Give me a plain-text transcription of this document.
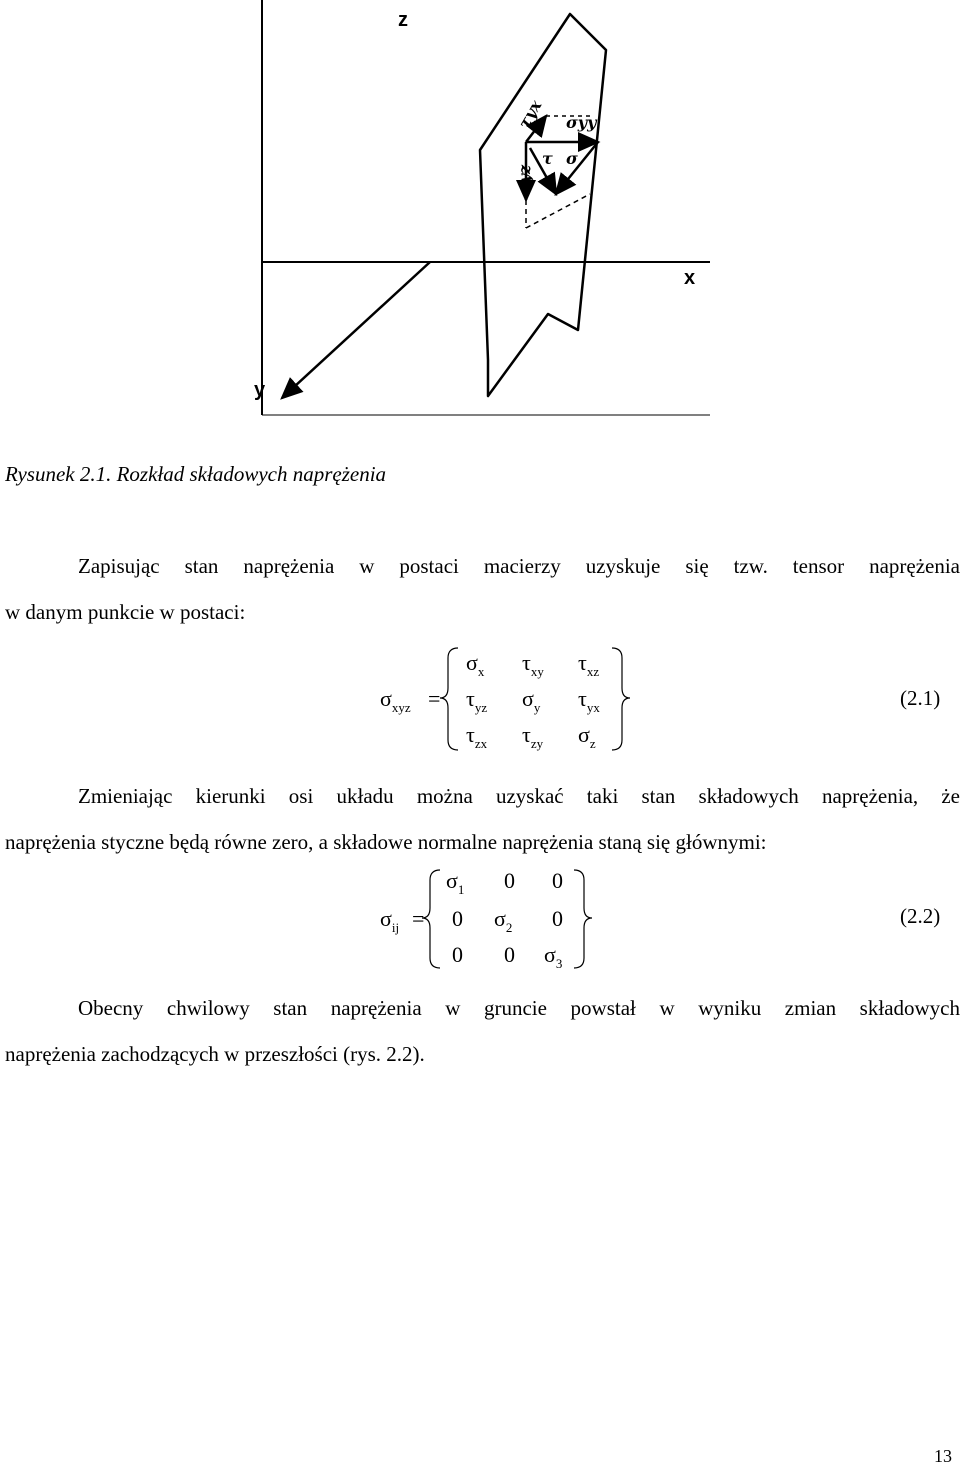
z
x
y
τyx σyy
τ σ
τyz
Rysunek 2.1. Rozkład składowych naprężenia
Zapisując stan naprężenia w postaci macierzy uzyskuje się tzw. tensor naprężenia
w danym punkcie w postaci:
$\sigma_{xyz}$ =
$\sigma_x$ $\tau_{xy}$ $\tau_{xz}$
$\tau_{yz}$ $\sigma_y$ $\tau_{yx}$
$\tau_{zx}$ $\tau_{zy}$ $\sigma_z$
(2.1)
Zmieniając kierunki osi układu można uzyskać taki stan składowych naprężenia, że
naprężenia styczne będą równe zero, a składowe normalne naprężenia staną się głównymi:
$\sigma_{ij}$ =
$\sigma_1$ 0 0
0 $\sigma_2$ 0
0 0 $\sigma_3$
(2.2)
Obecny chwilowy stan naprężenia w gruncie powstał w wyniku zmian składowych
naprężenia zachodzących w przeszłości (rys. 2.2).
13
